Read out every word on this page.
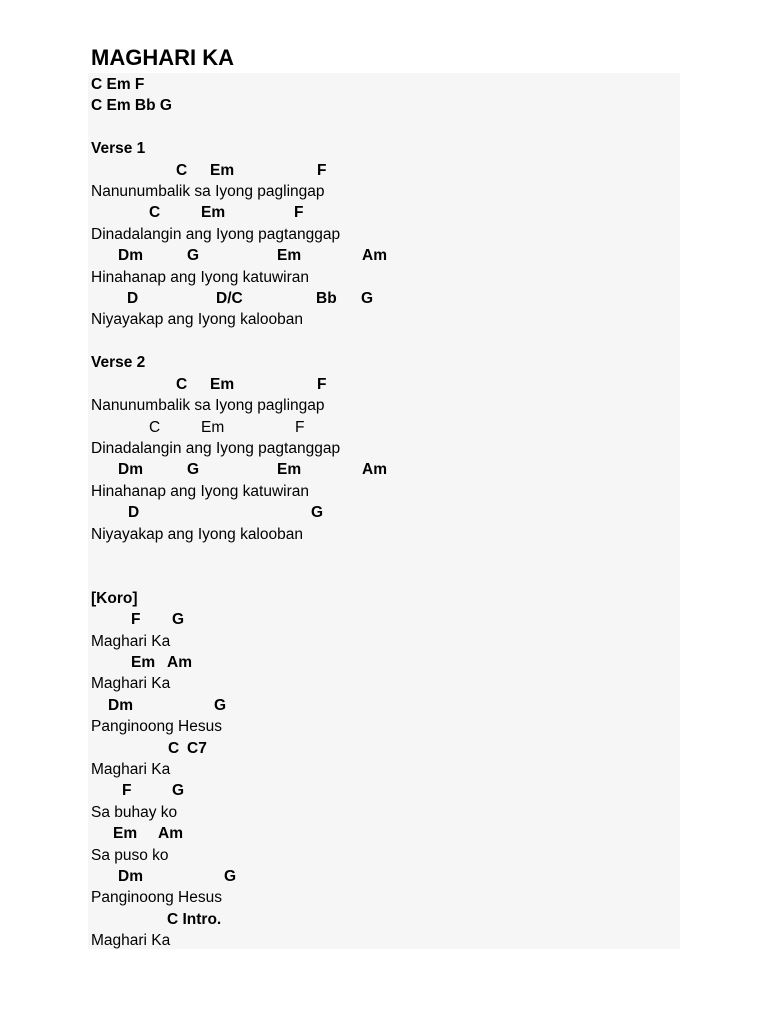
MAGHARI KA
C Em F
C Em Bb G
Verse 1
C Em	F
Nanunumbalik sa Iyong paglingap
C	Em	F
Dinadalangin ang Iyong pagtanggap
Dm	G	Em	Am
Hinahanap ang Iyong katuwiran
D	D/C	Bb G
Niyayakap ang Iyong kalooban
Verse 2
C Em	F
Nanunumbalik sa Iyong paglingap
C	Em	F
Dinadalangin ang Iyong pagtanggap
Dm	G	Em	Am
Hinahanap ang Iyong katuwiran
D	G
Niyayakap ang Iyong kalooban
[Koro]
F G
Maghari Ka
Em Am
Maghari Ka
Dm	G
Panginoong Hesus
C C7
Maghari Ka
F	G
Sa buhay ko
Em Am
Sa puso ko
Dm	G
Panginoong Hesus
C Intro.
Maghari Ka
